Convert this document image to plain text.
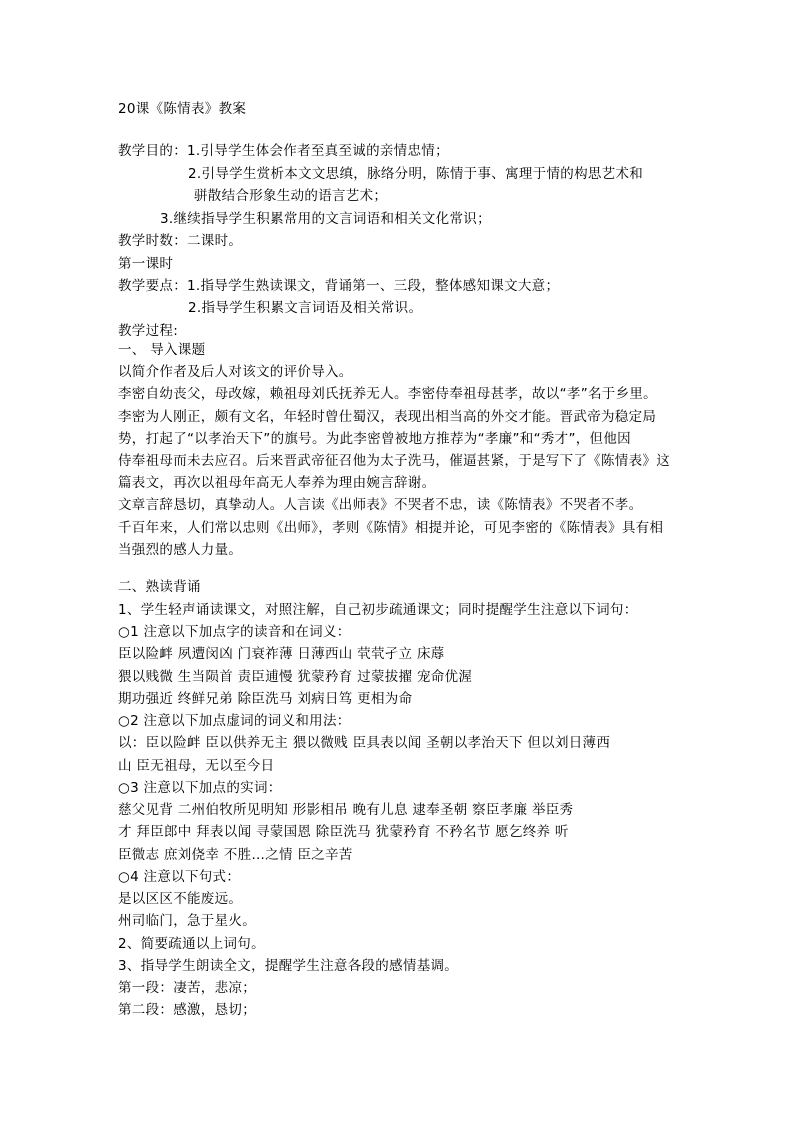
20课《陈情表》教案
教学目的：1.引导学生体会作者至真至诚的亲情忠情；
2.引导学生赏析本文文思缜，脉络分明，陈情于事、寓理于情的构思艺术和
骈散结合形象生动的语言艺术；
3.继续指导学生积累常用的文言词语和相关文化常识；
教学时数：二课时。
第一课时
教学要点：1.指导学生熟读课文，背诵第一、三段，整体感知课文大意；
2.指导学生积累文言词语及相关常识。
教学过程:
一、 导入课题
以简介作者及后人对该文的评价导入。
李密自幼丧父，母改嫁，赖祖母刘氏抚养无人。李密侍奉祖母甚孝，故以“孝”名于乡里。
李密为人刚正，颇有文名，年轻时曾仕蜀汉，表现出相当高的外交才能。晋武帝为稳定局
势，打起了“以孝治天下”的旗号。为此李密曾被地方推荐为“孝廉”和“秀才”，但他因
侍奉祖母而未去应召。后来晋武帝征召他为太子洗马，催逼甚紧，于是写下了《陈情表》这
篇表文，再次以祖母年高无人奉养为理由婉言辞谢。
文章言辞恳切，真挚动人。人言读《出师表》不哭者不忠，读《陈情表》不哭者不孝。
千百年来，人们常以忠则《出师》，孝则《陈情》相提并论，可见李密的《陈情表》具有相
当强烈的感人力量。
二、熟读背诵
1、学生轻声诵读课文，对照注解，自己初步疏通课文；同时提醒学生注意以下词句：
○1 注意以下加点字的读音和在词义：
臣以险衅 夙遭闵凶 门衰祚薄 日薄西山 茕茕孑立 床蓐
猥以贱微 生当陨首 责臣逋慢 犹蒙矜育 过蒙拔擢 宠命优渥
期功强近 终鲜兄弟 除臣洗马 刘病日笃 更相为命
○2 注意以下加点虚词的词义和用法：
以：臣以险衅 臣以供养无主 猥以微贱 臣具表以闻 圣朝以孝治天下 但以刘日薄西
山 臣无祖母，无以至今日
○3 注意以下加点的实词：
慈父见背 二州伯牧所见明知 形影相吊 晚有儿息 逮奉圣朝 察臣孝廉 举臣秀
才 拜臣郎中 拜表以闻 寻蒙国恩 除臣洗马 犹蒙矜育 不矜名节 愿乞终养 听
臣微志 庶刘侥幸 不胜…之情 臣之辛苦
○4 注意以下句式：
是以区区不能废远。
州司临门，急于星火。
2、简要疏通以上词句。
3、指导学生朗读全文，提醒学生注意各段的感情基调。
第一段：凄苦，悲凉；
第二段：感激，恳切；
